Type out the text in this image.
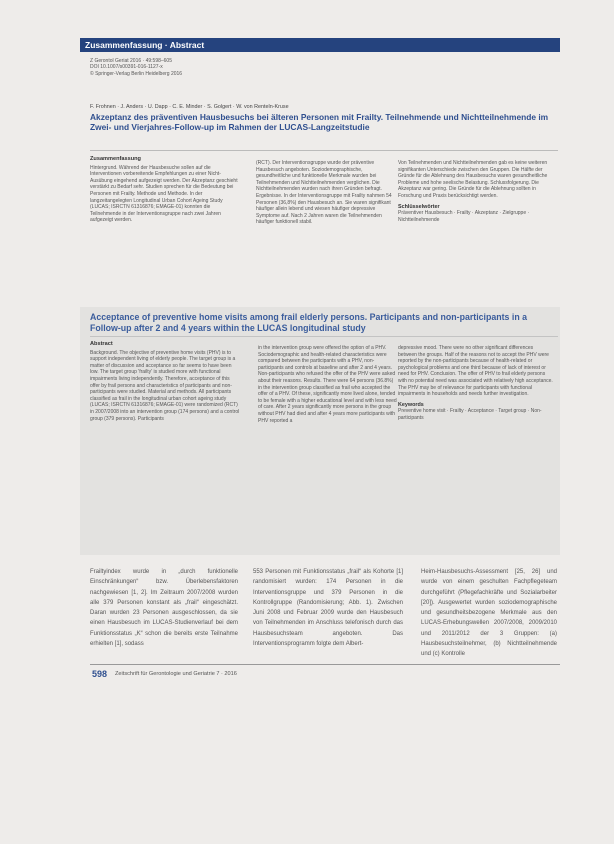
Zusammenfassung · Abstract
Z Gerontol Geriat 2016 · 49:598–605
DOI 10.1007/s00391-016-1127-x
© Springer-Verlag Berlin Heidelberg 2016
F. Frohnen · J. Anders · U. Dapp · C. E. Minder · S. Golgert · W. von Renteln-Kruse
Akzeptanz des präventiven Hausbesuchs bei älteren Personen mit Frailty. Teilnehmende und Nichtteilnehmende im Zwei- und Vierjahres-Follow-up im Rahmen der LUCAS-Langzeitstudie
Zusammenfassung
Hintergrund. Während der Hausbesuche sollen auf die Interventionen vorbereitende Empfehlungen zu einer Nicht-Ausübung eingehend aufgezeigt werden. Der Akzeptanz geschieht verstärkt zu Bedarf sehr. Studien sprechen für die Bedeutung bei Personen mit Frailty. Methode und Methode. In der langzeitangelegten Longitudinal Urban Cohort Ageing Study (LUCAS; ISRCTN 61316876; EMAGE-01) konnten die Teilnehmende in der Interventionsgruppe nach zwei Jahren aufgezeigt werden.
(RCT). Der Interventionsgruppe wurde der präventive Hausbesuch angeboten. Soziodemographische, gesundheitliche und funktionelle Merkmale wurden bei Teilnehmenden und Nichtteilnehmenden verglichen. Die Nichtteilnehmenden wurden nach ihren Gründen befragt. Ergebnisse. In der Interventionsgruppe mit Frailty nahmen 54 Personen (36,8%) den Hausbesuch an. Sie waren signifikant häufiger allein lebend und wiesen häufiger depressive Symptome auf. Nach 2 Jahren waren die Teilnehmenden häufiger funktionell stabil.
Von Teilnehmenden und Nichtteilnehmenden gab es keine weiteren signifikanten Unterschiede zwischen den Gruppen. Die Hälfte der Gründe für die Ablehnung des Hausbesuchs waren gesundheitliche Probleme und hohe seelische Belastung. Schlussfolgerung. Die Akzeptanz war gering. Die Gründe für die Ablehnung sollten in Forschung und Praxis berücksichtigt werden.
Schlüsselwörter
Präventiver Hausbesuch · Frailty · Akzeptanz · Zielgruppe · Nichtteilnehmende
Acceptance of preventive home visits among frail elderly persons. Participants and non-participants in a Follow-up after 2 and 4 years within the LUCAS longitudinal study
Abstract
Background. The objective of preventive home visits (PHV) is to support independent living of elderly people. The target group is a matter of discussion and acceptance so far seems to have been low. The target group 'frailty' is studied more with functional impairments living independently. Therefore, acceptance of this offer by frail persons and characteristics of participants and non-participants were studied. Material and methods. All participants classified as frail in the longitudinal urban cohort ageing study (LUCAS; ISRCTN 61316876; EMAGE-01) were randomized (RCT) in 2007/2008 into an intervention group (174 persons) and a control group (379 persons). Participants
in the intervention group were offered the option of a PHV. Sociodemographic and health-related characteristics were compared between the participants with a PHV, non-participants and controls at baseline and after 2 and 4 years. Non-participants who refused the offer of the PHV were asked about their reasons. Results. There were 64 persons (36.8%) in the intervention group classified as frail who accepted the offer of a PHV. Of these, significantly more lived alone, tended to be female with a higher educational level and with less need of care. After 2 years significantly more persons in the group without PHV had died and after 4 years more participants with PHV reported a
depressive mood. There were no other significant differences between the groups. Half of the reasons not to accept the PHV were reported by the non-participants because of health-related or psychological problems and one third because of lack of interest or need for PHV. Conclusion. The offer of PHV to frail elderly persons with no potential need was associated with relatively high acceptance. The PHV may be of relevance for participants with functional impairments in households and needs further investigation.
Keywords
Preventive home visit · Frailty · Acceptance · Target group · Non-participants
Frailtyindex wurde in „durch funktionelle Einschränkungen“ bzw. Überlebensfaktoren nachgewiesen [1, 2]. Im Zeitraum 2007/2008 wurden alle 379 Personen konstant als „frail“ eingeschätzt. Daran wurden 23 Personen ausgeschlossen, da sie einen Hausbesuch im LUCAS-Studienverlauf bei dem Funktionsstatus „K“ schon die bereits erste Teilnahme erhielten [1], sodass
553 Personen mit Funktionsstatus „frail“ als Kohorte [1] randomisiert wurden: 174 Personen in die Interventionsgruppe und 379 Personen in die Kontrollgruppe (Randomisierung; Abb. 1). Zwischen Juni 2008 und Februar 2009 wurde den Hausbesuch von Teilnehmenden im Anschluss telefonisch durch das Hausbesuchsteam angeboten. Das Interventionsprogramm folgte dem Albert-
Heim-Hausbesuchs-Assessment [25, 26] und wurde von einem geschulten Fachpflegeteam durchgeführt (Pflegefachkräfte und Sozialarbeiter [20]). Ausgewertet wurden soziodemographische und gesundheitsbezogene Merkmale aus den LUCAS-Erhebungswellen 2007/2008, 2009/2010 und 2011/2012 der 3 Gruppen: (a) Hausbesuchsteilnehmer, (b) Nichtteilnehmende und (c) Kontrolle
598 Zeitschrift für Gerontologie und Geriatrie 7 · 2016
